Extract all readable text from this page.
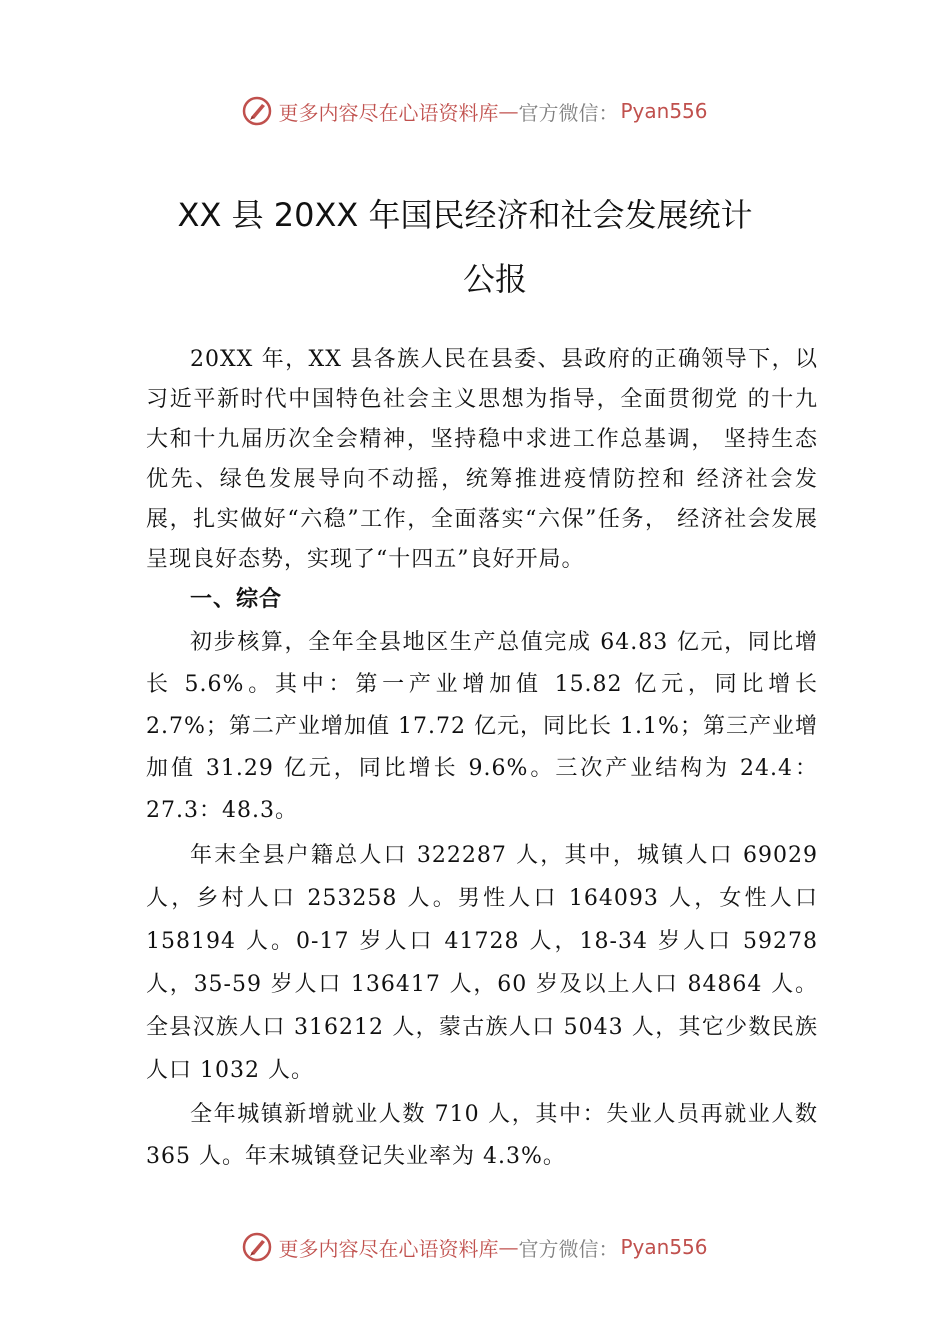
更多内容尽在心语资料库 — 官方微信： Pyan556
XX 县 20XX 年国民经济和社会发展统计
公报

20XX 年，XX 县各族人民在县委、县政府的正确领导下，以习近平新时代中国特色社会主义思想为指导，全面贯彻党 的十九大和十九届历次全会精神，坚持稳中求进工作总基调， 坚持生态优先、绿色发展导向不动摇，统筹推进疫情防控和 经济社会发展，扎实做好“六稳”工作，全面落实“六保”任务， 经济社会发展呈现良好态势，实现了“十四五”良好开局。

一、综合

初步核算，全年全县地区生产总值完成 64.83 亿元，同比增长 5.6%。其中：第一产业增加值 15.82 亿元，同比增长 2.7%；第二产业增加值 17.72 亿元，同比长 1.1%；第三产业增加值 31.29 亿元，同比增长 9.6%。三次产业结构为 24.4：27.3：48.3。

年末全县户籍总人口 322287 人，其中，城镇人口 69029 人，乡村人口 253258 人。男性人口 164093 人，女性人口 158194 人。0-17 岁人口 41728 人，18-34 岁人口 59278 人，35-59 岁人口 136417 人，60 岁及以上人口 84864 人。全县汉族人口 316212 人，蒙古族人口 5043 人，其它少数民族人口 1032 人。

全年城镇新增就业人数 710 人，其中：失业人员再就业人数 365 人。年末城镇登记失业率为 4.3%。

更多内容尽在心语资料库 — 官方微信： Pyan556
